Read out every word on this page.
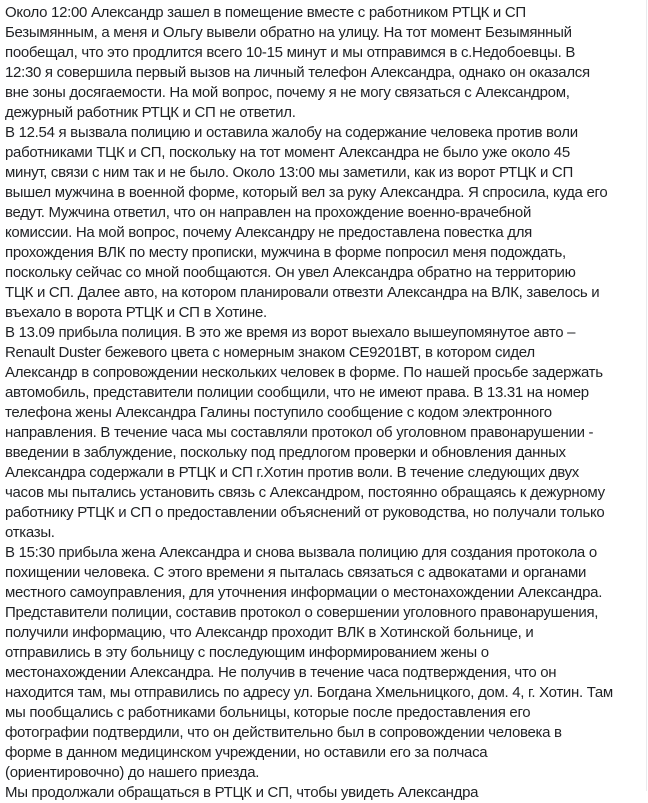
Около 12:00 Александр зашел в помещение вместе с работником РТЦК и СП
Безымянным, а меня и Ольгу вывели обратно на улицу. На тот момент Безымянный
пообещал, что это продлится всего 10-15 минут и мы отправимся в с.Недобоевцы. В
12:30 я совершила первый вызов на личный телефон Александра, однако он оказался
вне зоны досягаемости. На мой вопрос, почему я не могу связаться с Александром,
дежурный работник РТЦК и СП не ответил.
В 12.54 я вызвала полицию и оставила жалобу на содержание человека против воли
работниками ТЦК и СП, поскольку на тот момент Александра не было уже около 45
минут, связи с ним так и не было. Около 13:00 мы заметили, как из ворот РТЦК и СП
вышел мужчина в военной форме, который вел за руку Александра. Я спросила, куда его
ведут. Мужчина ответил, что он направлен на прохождение военно-врачебной
комиссии. На мой вопрос, почему Александру не предоставлена повестка для
прохождения ВЛК по месту прописки, мужчина в форме попросил меня подождать,
поскольку сейчас со мной пообщаются. Он увел Александра обратно на территорию
ТЦК и СП. Далее авто, на котором планировали отвезти Александра на ВЛК, завелось и
въехало в ворота РТЦК и СП в Хотине.
В 13.09 прибыла полиция. В это же время из ворот выехало вышеупомянутое авто –
Renault Duster бежевого цвета с номерным знаком СЕ9201ВТ, в котором сидел
Александр в сопровождении нескольких человек в форме. По нашей просьбе задержать
автомобиль, представители полиции сообщили, что не имеют права. В 13.31 на номер
телефона жены Александра Галины поступило сообщение с кодом электронного
направления. В течение часа мы составляли протокол об уголовном правонарушении -
введении в заблуждение, поскольку под предлогом проверки и обновления данных
Александра содержали в РТЦК и СП г.Хотин против воли. В течение следующих двух
часов мы пытались установить связь с Александром, постоянно обращаясь к дежурному
работнику РТЦК и СП о предоставлении объяснений от руководства, но получали только
отказы.
В 15:30 прибыла жена Александра и снова вызвала полицию для создания протокола о
похищении человека. С этого времени я пыталась связаться с адвокатами и органами
местного самоуправления, для уточнения информации о местонахождении Александра.
Представители полиции, составив протокол о совершении уголовного правонарушения,
получили информацию, что Александр проходит ВЛК в Хотинской больнице, и
отправились в эту больницу с последующим информированием жены о
местонахождении Александра. Не получив в течение часа подтверждения, что он
находится там, мы отправились по адресу ул. Богдана Хмельницкого, дом. 4, г. Хотин. Там
мы пообщались с работниками больницы, которые после предоставления его
фотографии подтвердили, что он действительно был в сопровождении человека в
форме в данном медицинском учреждении, но оставили его за полчаса
(ориентировочно) до нашего приезда.
Мы продолжали обращаться в РТЦК и СП, чтобы увидеть Александра
